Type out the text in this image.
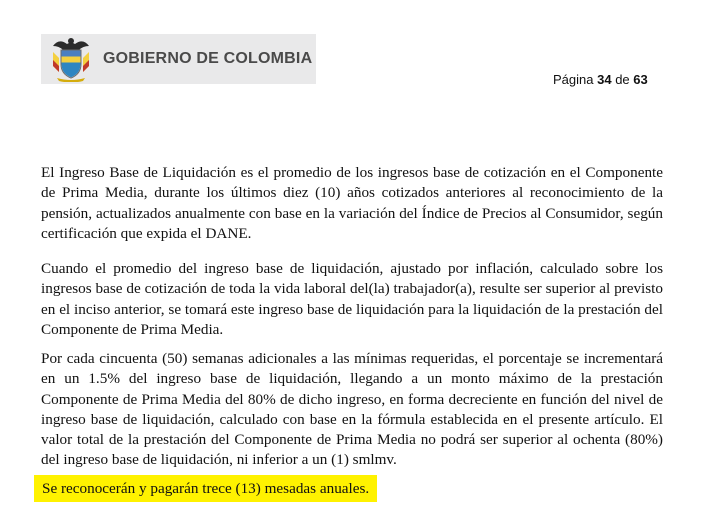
GOBIERNO DE COLOMBIA
Página 34 de 63

El Ingreso Base de Liquidación es el promedio de los ingresos base de cotización en el Componente de Prima Media, durante los últimos diez (10) años cotizados anteriores al reconocimiento de la pensión, actualizados anualmente con base en la variación del Índice de Precios al Consumidor, según certificación que expida el DANE.

Cuando el promedio del ingreso base de liquidación, ajustado por inflación, calculado sobre los ingresos base de cotización de toda la vida laboral del(la) trabajador(a), resulte ser superior al previsto en el inciso anterior, se tomará este ingreso base de liquidación para la liquidación de la prestación del Componente de Prima Media.

Por cada cincuenta (50) semanas adicionales a las mínimas requeridas, el porcentaje se incrementará en un 1.5% del ingreso base de liquidación, llegando a un monto máximo de la prestación Componente de Prima Media del 80% de dicho ingreso, en forma decreciente en función del nivel de ingreso base de liquidación, calculado con base en la fórmula establecida en el presente artículo. El valor total de la prestación del Componente de Prima Media no podrá ser superior al ochenta (80%) del ingreso base de liquidación, ni inferior a un (1) smlmv.

Se reconocerán y pagarán trece (13) mesadas anuales.
